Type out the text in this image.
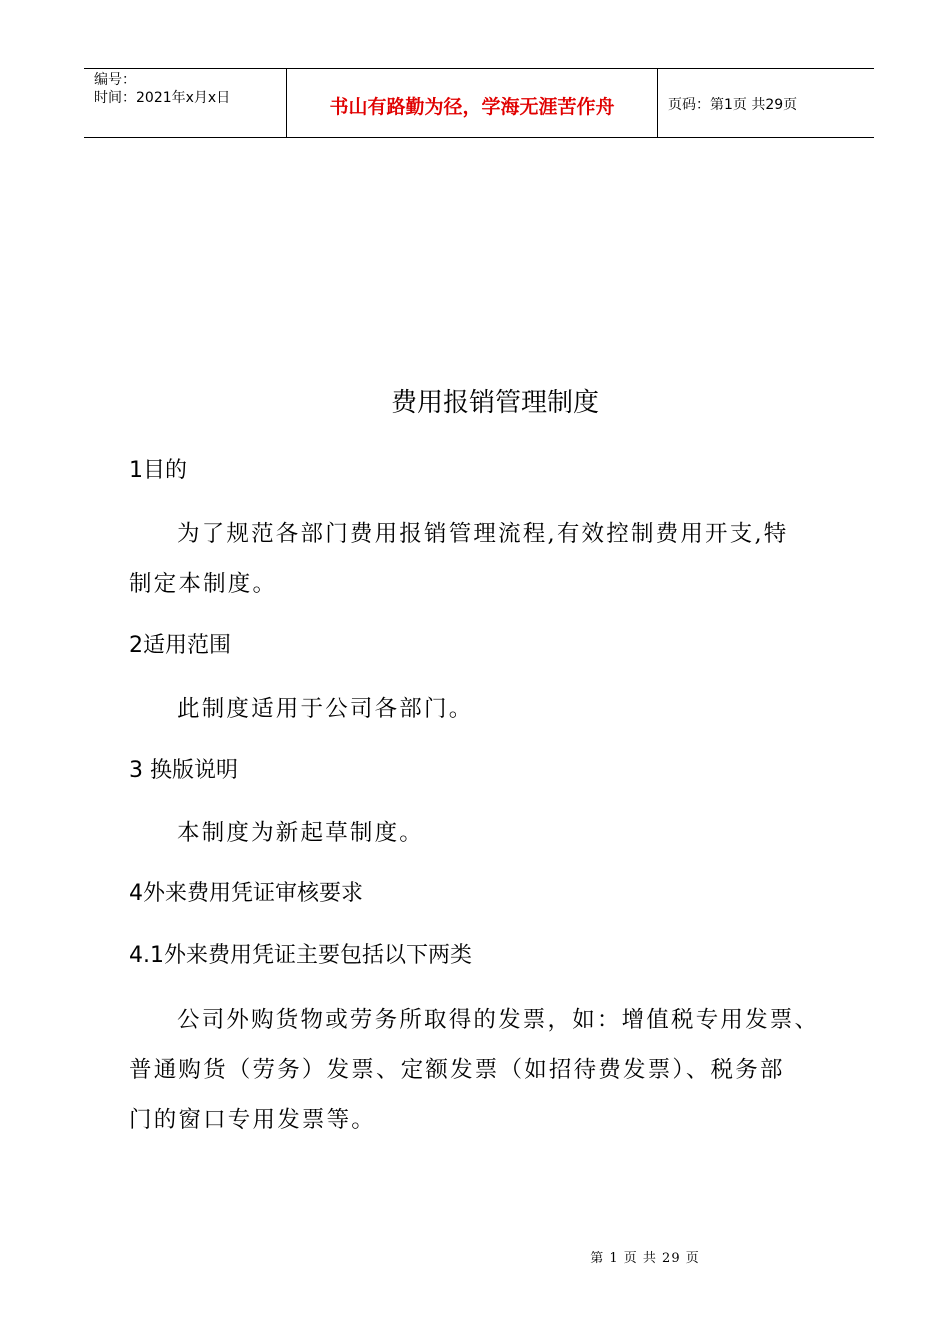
编号：
时间：2021年x月x日	书山有路勤为径，学海无涯苦作舟	页码：第1页 共29页
费用报销管理制度
1目的
为了规范各部门费用报销管理流程,有效控制费用开支,特
制定本制度。
2适用范围
此制度适用于公司各部门。
3 换版说明
本制度为新起草制度。
4外来费用凭证审核要求
4.1外来费用凭证主要包括以下两类
公司外购货物或劳务所取得的发票，如：增值税专用发票、
普通购货（劳务）发票、定额发票（如招待费发票）、税务部
门的窗口专用发票等。
第 1 页 共 29 页
